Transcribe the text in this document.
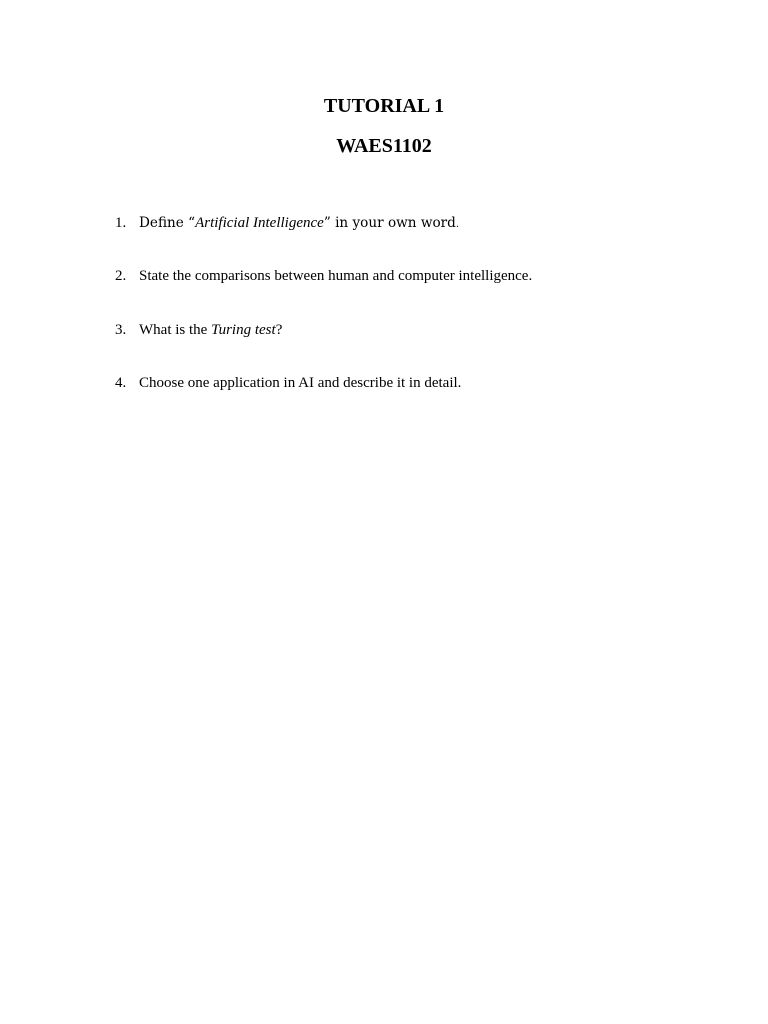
TUTORIAL 1
WAES1102
1. Define “Artificial Intelligence” in your own word.
2. State the comparisons between human and computer intelligence.
3. What is the Turing test?
4. Choose one application in AI and describe it in detail.
